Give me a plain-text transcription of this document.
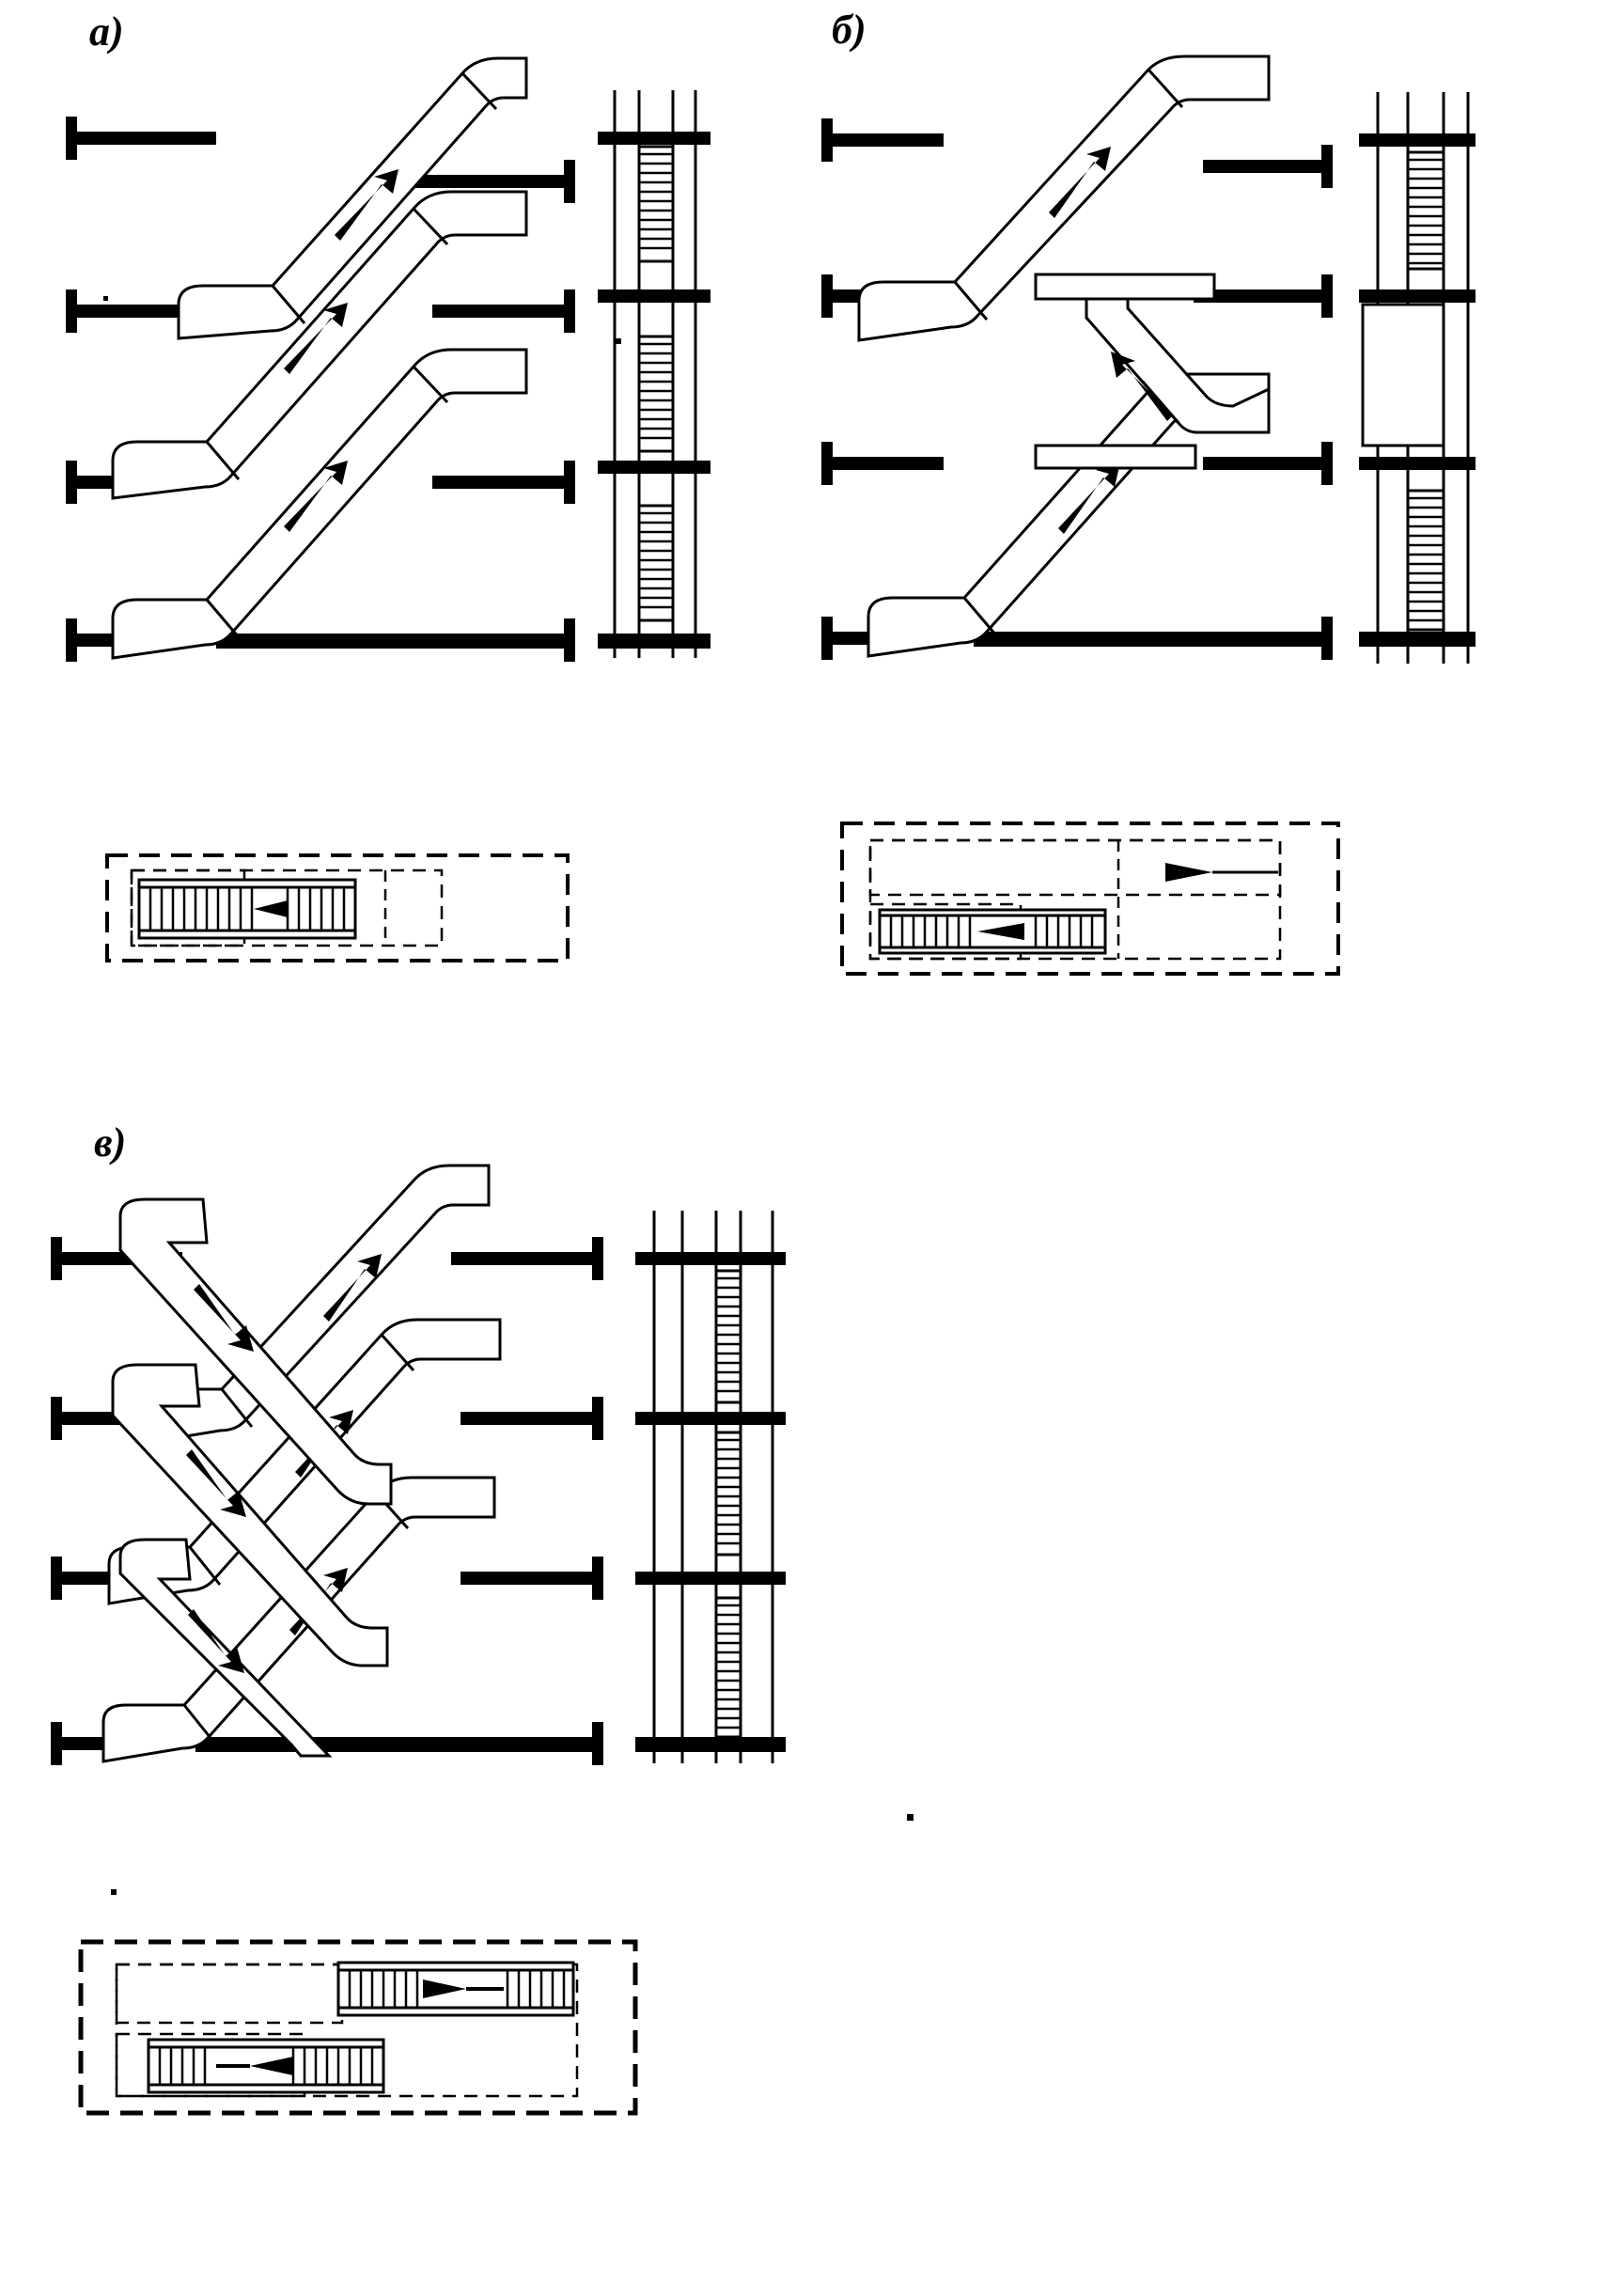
а)	б)
в)
